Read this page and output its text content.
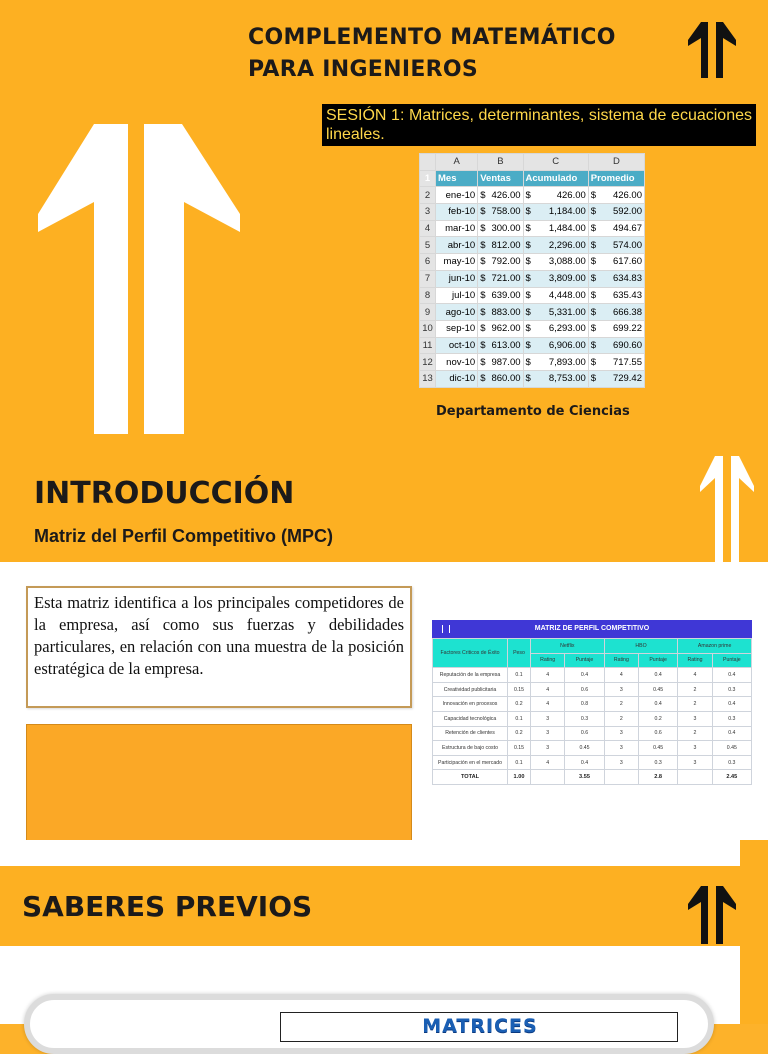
COMPLEMENTO MATEMÁTICO
PARA INGENIEROS
SESIÓN 1: Matrices, determinantes, sistema de ecuaciones lineales.
	A	B	C	D
1	Mes	Ventas	Acumulado	Promedio
2	ene-10	$ 426.00	$ 426.00	$ 426.00
3	feb-10	$ 758.00	$ 1,184.00	$ 592.00
4	mar-10	$ 300.00	$ 1,484.00	$ 494.67
5	abr-10	$ 812.00	$ 2,296.00	$ 574.00
6	may-10	$ 792.00	$ 3,088.00	$ 617.60
7	jun-10	$ 721.00	$ 3,809.00	$ 634.83
8	jul-10	$ 639.00	$ 4,448.00	$ 635.43
9	ago-10	$ 883.00	$ 5,331.00	$ 666.38
10	sep-10	$ 962.00	$ 6,293.00	$ 699.22
11	oct-10	$ 613.00	$ 6,906.00	$ 690.60
12	nov-10	$ 987.00	$ 7,893.00	$ 717.55
13	dic-10	$ 860.00	$ 8,753.00	$ 729.42
Departamento de Ciencias
INTRODUCCIÓN
Matriz del Perfil Competitivo (MPC)
Esta matriz identifica a los principales competidores de la empresa, así como sus fuerzas y debilidades particulares, en relación con una muestra de la posición estratégica de la empresa.
MATRIZ DE PERFIL COMPETITIVO
Factores Criticos de Éxito	Peso	Netflix		HBO		Amazon prime	
		Rating	Puntaje	Rating	Puntaje	Rating	Puntaje
Reputación de la empresa	0.1	4	0.4	4	0.4	4	0.4
Creatividad publicitaria	0.15	4	0.6	3	0.45	2	0.3
Innovación en procesos	0.2	4	0.8	2	0.4	2	0.4
Capacidad tecnológica	0.1	3	0.3	2	0.2	3	0.3
Retención de clientes	0.2	3	0.6	3	0.6	2	0.4
Estructura de bajo costo	0.15	3	0.45	3	0.45	3	0.45
Participación en el mercado	0.1	4	0.4	3	0.3	3	0.3
TOTAL	1.00		3.55		2.8		2.45
SABERES PREVIOS
MATRICES
